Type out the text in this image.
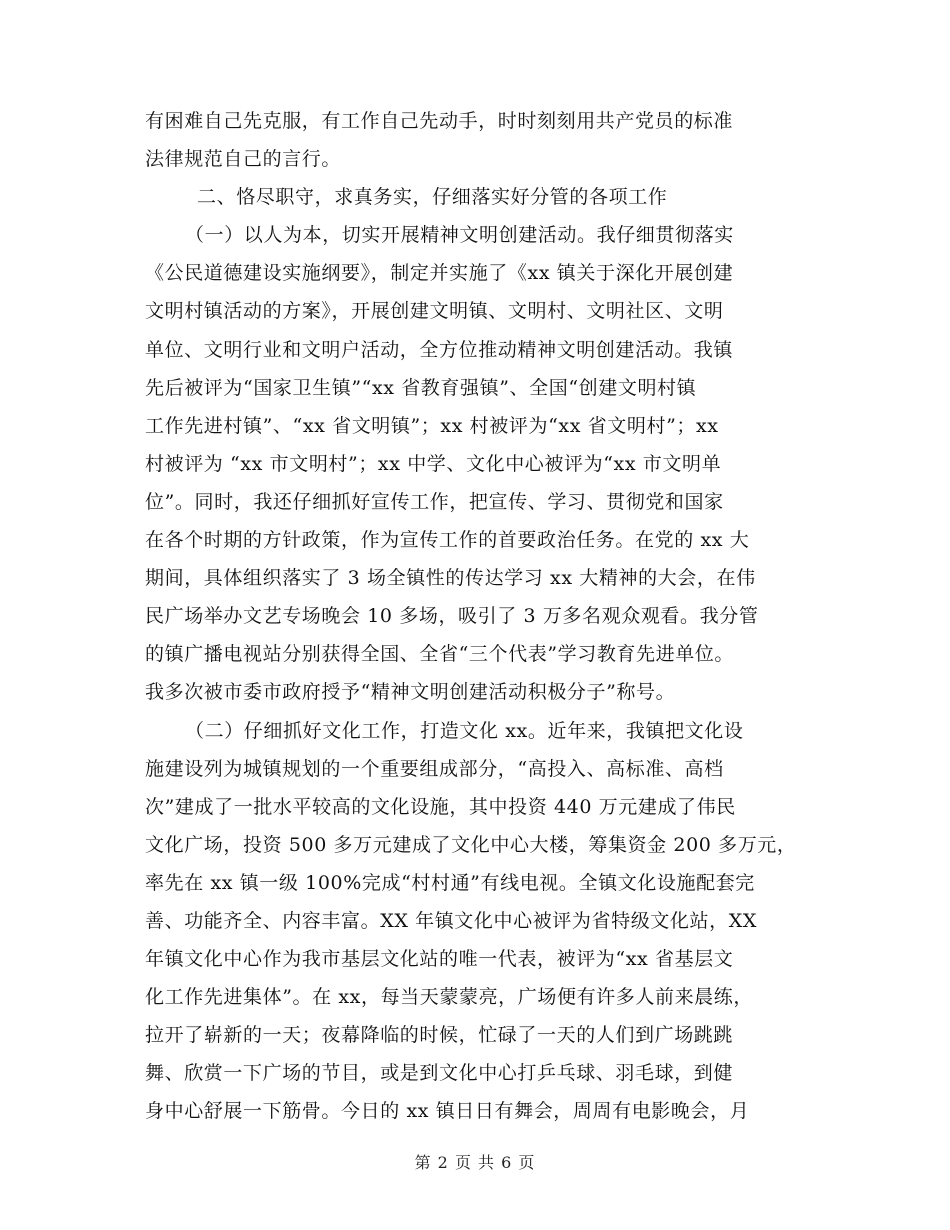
有困难自己先克服，有工作自己先动手，时时刻刻用共产党员的标准
法律规范自己的言行。
二、恪尽职守，求真务实，仔细落实好分管的各项工作
（一）以人为本，切实开展精神文明创建活动。我仔细贯彻落实
《公民道德建设实施纲要》，制定并实施了《xx 镇关于深化开展创建
文明村镇活动的方案》，开展创建文明镇、文明村、文明社区、文明
单位、文明行业和文明户活动，全方位推动精神文明创建活动。我镇
先后被评为“国家卫生镇”“xx 省教育强镇”、全国“创建文明村镇
工作先进村镇”、“xx 省文明镇”；xx 村被评为“xx 省文明村”；xx
村被评为 “xx 市文明村”；xx 中学、文化中心被评为“xx 市文明单
位”。同时，我还仔细抓好宣传工作，把宣传、学习、贯彻党和国家
在各个时期的方针政策，作为宣传工作的首要政治任务。在党的 xx 大
期间，具体组织落实了 3 场全镇性的传达学习 xx 大精神的大会，在伟
民广场举办文艺专场晚会 10 多场，吸引了 3 万多名观众观看。我分管
的镇广播电视站分别获得全国、全省“三个代表”学习教育先进单位。
我多次被市委市政府授予“精神文明创建活动积极分子”称号。
（二）仔细抓好文化工作，打造文化 xx。近年来，我镇把文化设
施建设列为城镇规划的一个重要组成部分，“高投入、高标准、高档
次”建成了一批水平较高的文化设施，其中投资 440 万元建成了伟民
文化广场，投资 500 多万元建成了文化中心大楼，筹集资金 200 多万元，
率先在 xx 镇一级 100%完成“村村通”有线电视。全镇文化设施配套完
善、功能齐全、内容丰富。XX 年镇文化中心被评为省特级文化站，XX
年镇文化中心作为我市基层文化站的唯一代表，被评为“xx 省基层文
化工作先进集体”。在 xx，每当天蒙蒙亮，广场便有许多人前来晨练，
拉开了崭新的一天；夜幕降临的时候，忙碌了一天的人们到广场跳跳
舞、欣赏一下广场的节目，或是到文化中心打乒乓球、羽毛球，到健
身中心舒展一下筋骨。今日的 xx 镇日日有舞会，周周有电影晚会，月
第 2 页 共 6 页
